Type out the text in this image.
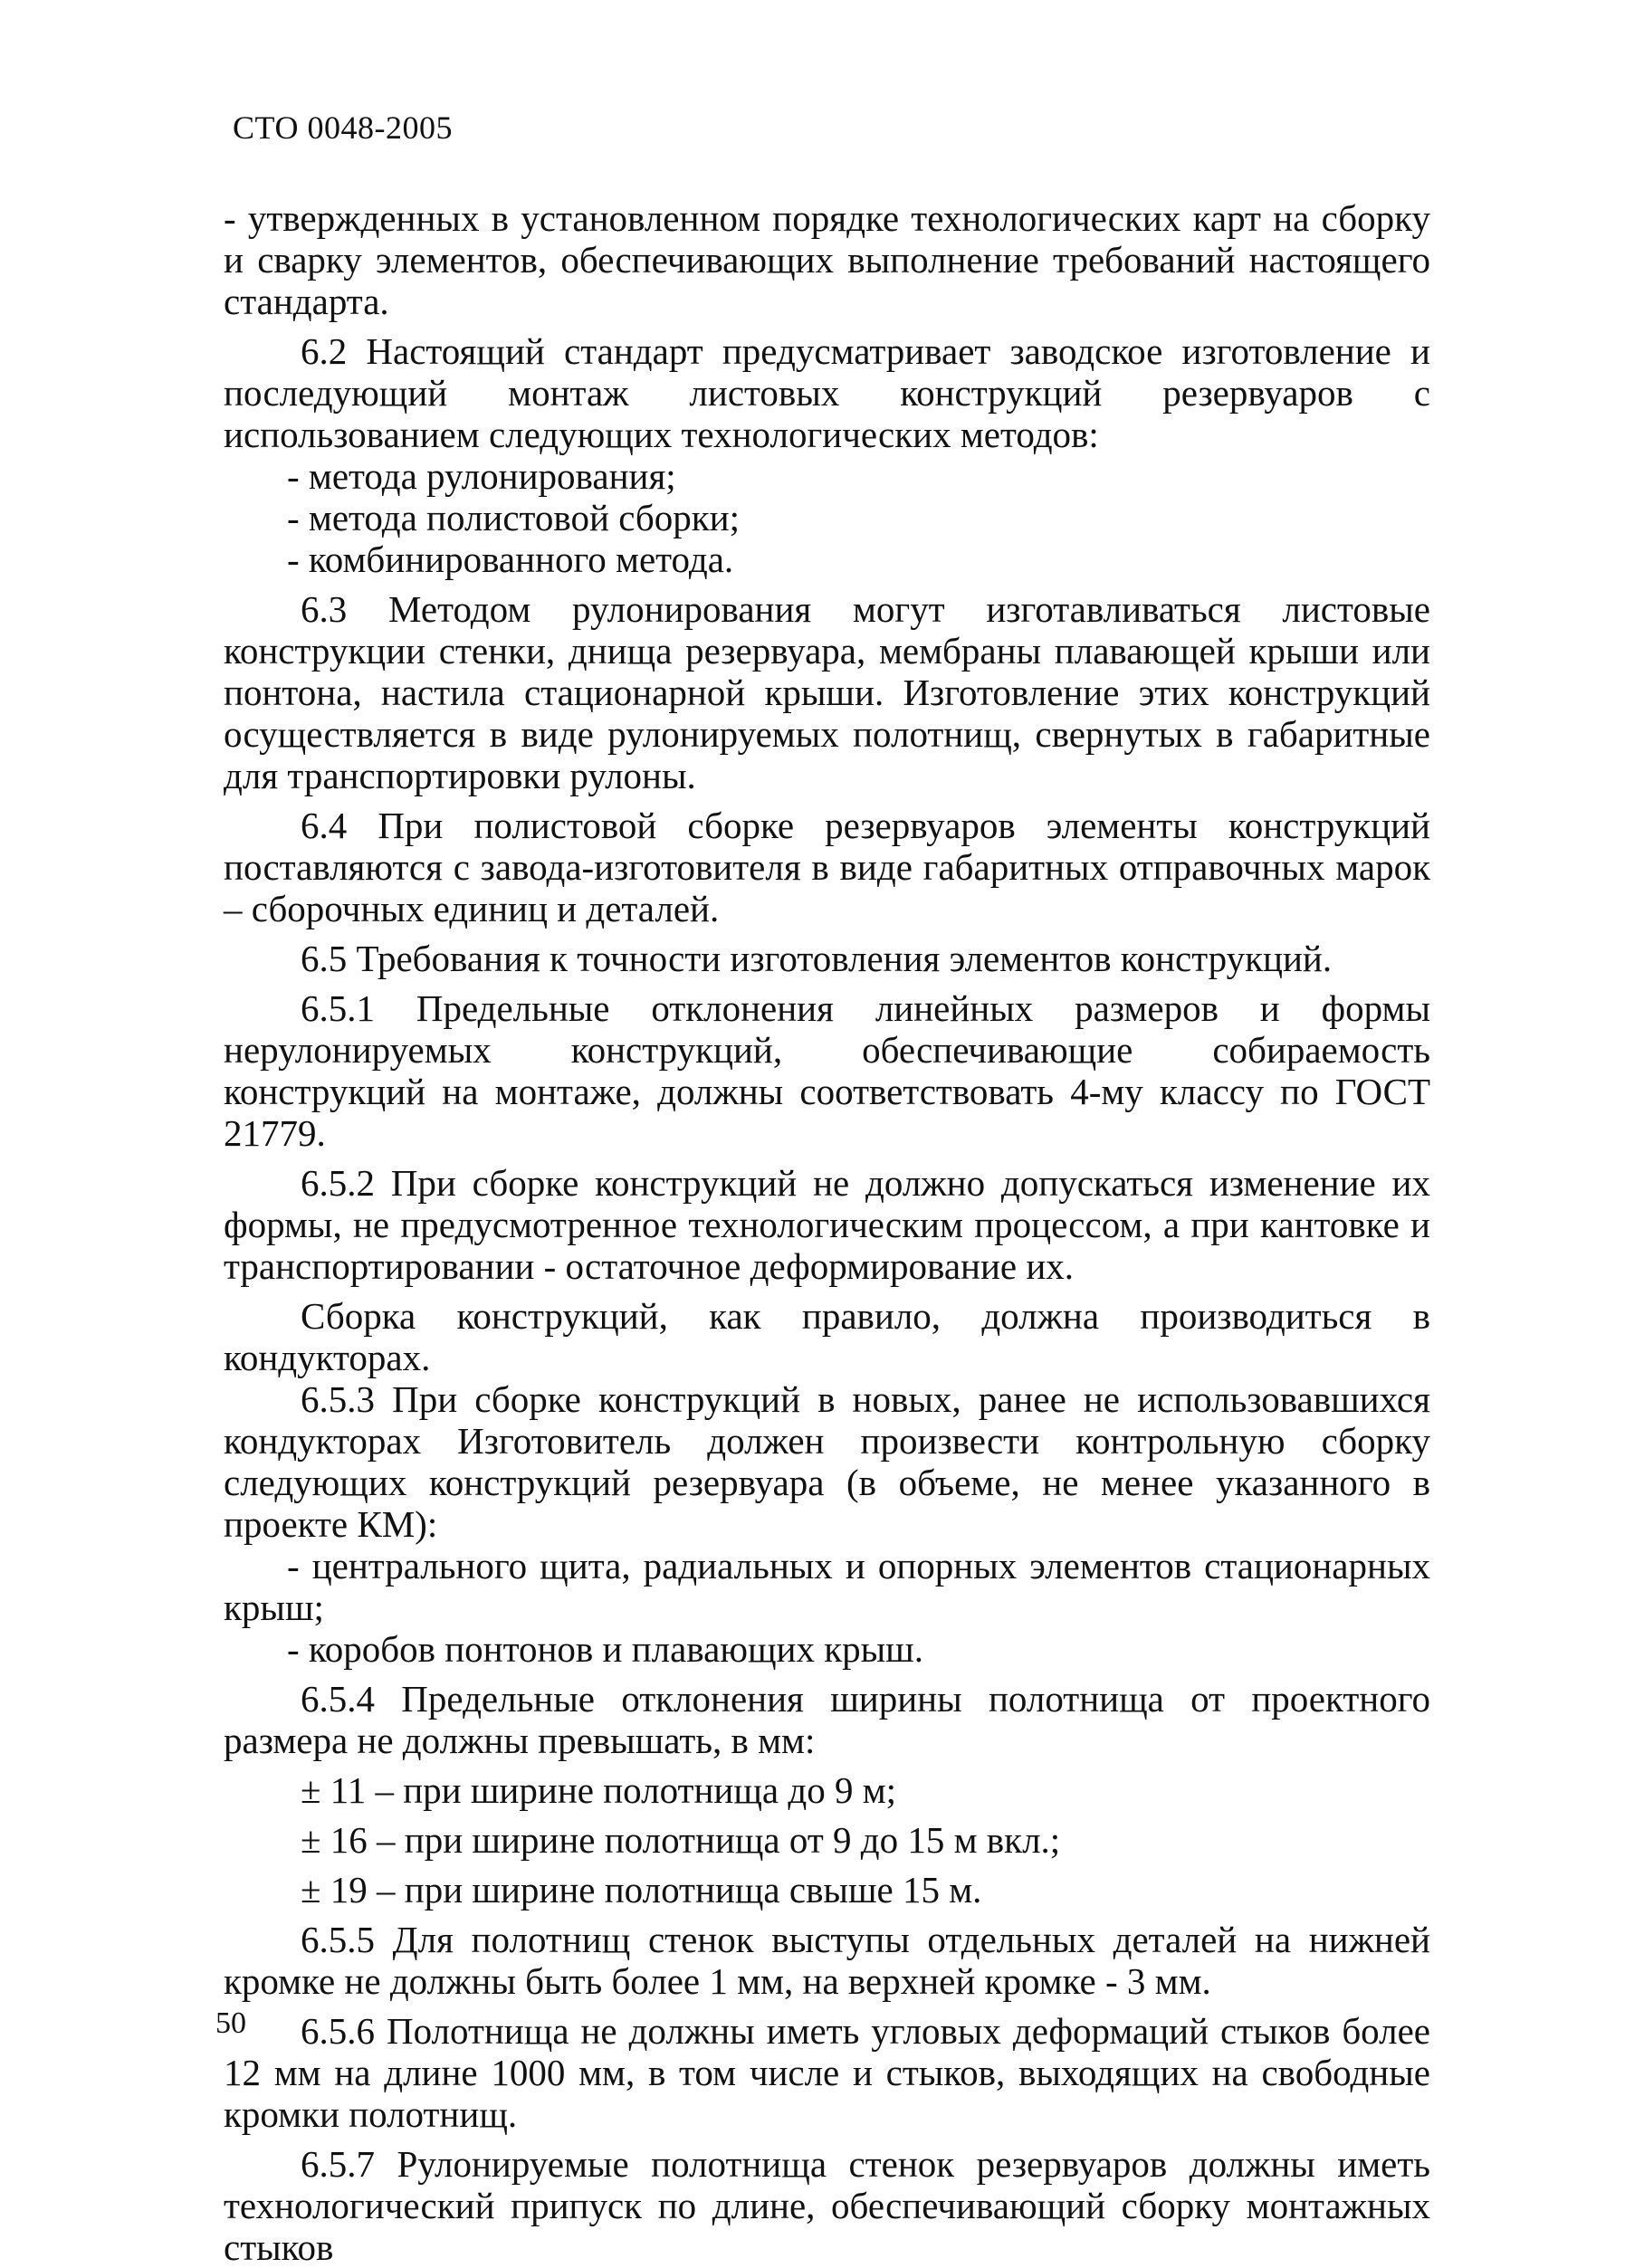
СТО 0048-2005

- утвержденных в установленном порядке технологических карт на сборку и сварку элементов, обеспечивающих выполнение требований настоящего стандарта.

6.2 Настоящий стандарт предусматривает заводское изготовление и последующий монтаж листовых конструкций резервуаров с использованием следующих технологических методов:

- метода рулонирования;

- метода полистовой сборки;

- комбинированного метода.

6.3 Методом рулонирования могут изготавливаться листовые конструкции стенки, днища резервуара, мембраны плавающей крыши или понтона, настила стационарной крыши. Изготовление этих конструкций осуществляется в виде рулонируемых полотнищ, свернутых в габаритные для транспортировки рулоны.

6.4 При полистовой сборке резервуаров элементы конструкций поставляются с завода-изготовителя в виде габаритных отправочных марок – сборочных единиц и деталей.

6.5 Требования к точности изготовления элементов конструкций.

6.5.1 Предельные отклонения линейных размеров и формы нерулонируемых конструкций, обеспечивающие собираемость конструкций на монтаже, должны соответствовать 4-му классу по ГОСТ 21779.

6.5.2 При сборке конструкций не должно допускаться изменение их формы, не предусмотренное технологическим процессом, а при кантовке и транспортировании - остаточное деформирование их.

Сборка конструкций, как правило, должна производиться в кондукторах.

6.5.3 При сборке конструкций в новых, ранее не использовавшихся кондукторах Изготовитель должен произвести контрольную сборку следующих конструкций резервуара (в объеме, не менее указанного в проекте КМ):

- центрального щита, радиальных и опорных элементов стационарных крыш;

- коробов понтонов и плавающих крыш.

6.5.4 Предельные отклонения ширины полотнища от проектного размера не должны превышать, в мм:

± 11 – при ширине полотнища до 9 м;

± 16 – при ширине полотнища от 9 до 15 м вкл.;

± 19 – при ширине полотнища свыше 15 м.

6.5.5 Для полотнищ стенок выступы отдельных деталей на нижней кромке не должны быть более 1 мм, на верхней кромке - 3 мм.

6.5.6 Полотнища не должны иметь угловых деформаций стыков более 12 мм на длине 1000 мм, в том числе и стыков, выходящих на свободные кромки полотнищ.

6.5.7 Рулонируемые полотнища стенок резервуаров должны иметь технологический припуск по длине, обеспечивающий сборку монтажных стыков

50
